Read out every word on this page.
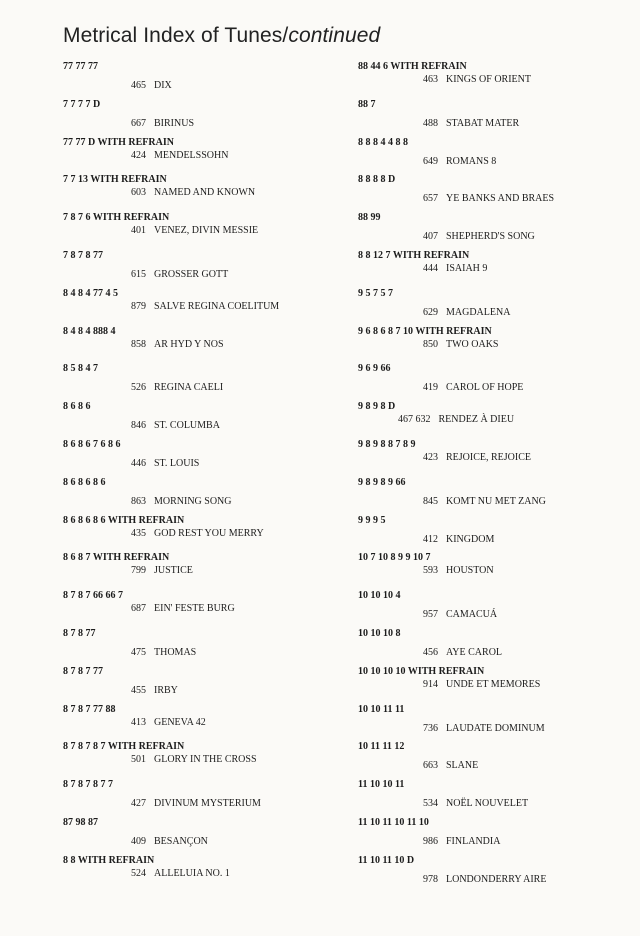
Metrical Index of Tunes/continued
77 77 77
465 DIX
7 7 7 7 D
667 BIRINUS
77 77 D WITH REFRAIN
424 MENDELSSOHN
7 7 13 WITH REFRAIN
603 NAMED AND KNOWN
7 8 7 6 WITH REFRAIN
401 VENEZ, DIVIN MESSIE
7 8 7 8 77
615 GROSSER GOTT
8 4 8 4 77 4 5
879 SALVE REGINA COELITUM
8 4 8 4 888 4
858 AR HYD Y NOS
8 5 8 4 7
526 REGINA CAELI
8 6 8 6
846 ST. COLUMBA
8 6 8 6 7 6 8 6
446 ST. LOUIS
8 6 8 6 8 6
863 MORNING SONG
8 6 8 6 8 6 WITH REFRAIN
435 GOD REST YOU MERRY
8 6 8 7 WITH REFRAIN
799 JUSTICE
8 7 8 7 66 66 7
687 EIN' FESTE BURG
8 7 8 77
475 THOMAS
8 7 8 7 77
455 IRBY
8 7 8 7 77 88
413 GENEVA 42
8 7 8 7 8 7 WITH REFRAIN
501 GLORY IN THE CROSS
8 7 8 7 8 7 7
427 DIVINUM MYSTERIUM
87 98 87
409 BESANÇON
8 8 WITH REFRAIN
524 ALLELUIA NO. 1
88 44 6 WITH REFRAIN
463 KINGS OF ORIENT
88 7
488 STABAT MATER
8 8 8 4 4 8 8
649 ROMANS 8
8 8 8 8 D
657 YE BANKS AND BRAES
88 99
407 SHEPHERD'S SONG
8 8 12 7 WITH REFRAIN
444 ISAIAH 9
9 5 7 5 7
629 MAGDALENA
9 6 8 6 8 7 10 WITH REFRAIN
850 TWO OAKS
9 6 9 66
419 CAROL OF HOPE
9 8 9 8 D
467 632 RENDEZ À DIEU
9 8 9 8 8 7 8 9
423 REJOICE, REJOICE
9 8 9 8 9 66
845 KOMT NU MET ZANG
9 9 9 5
412 KINGDOM
10 7 10 8 9 9 10 7
593 HOUSTON
10 10 10 4
957 CAMACUÁ
10 10 10 8
456 AYE CAROL
10 10 10 10 WITH REFRAIN
914 UNDE ET MEMORES
10 10 11 11
736 LAUDATE DOMINUM
10 11 11 12
663 SLANE
11 10 10 11
534 NOËL NOUVELET
11 10 11 10 11 10
986 FINLANDIA
11 10 11 10 D
978 LONDONDERRY AIRE
